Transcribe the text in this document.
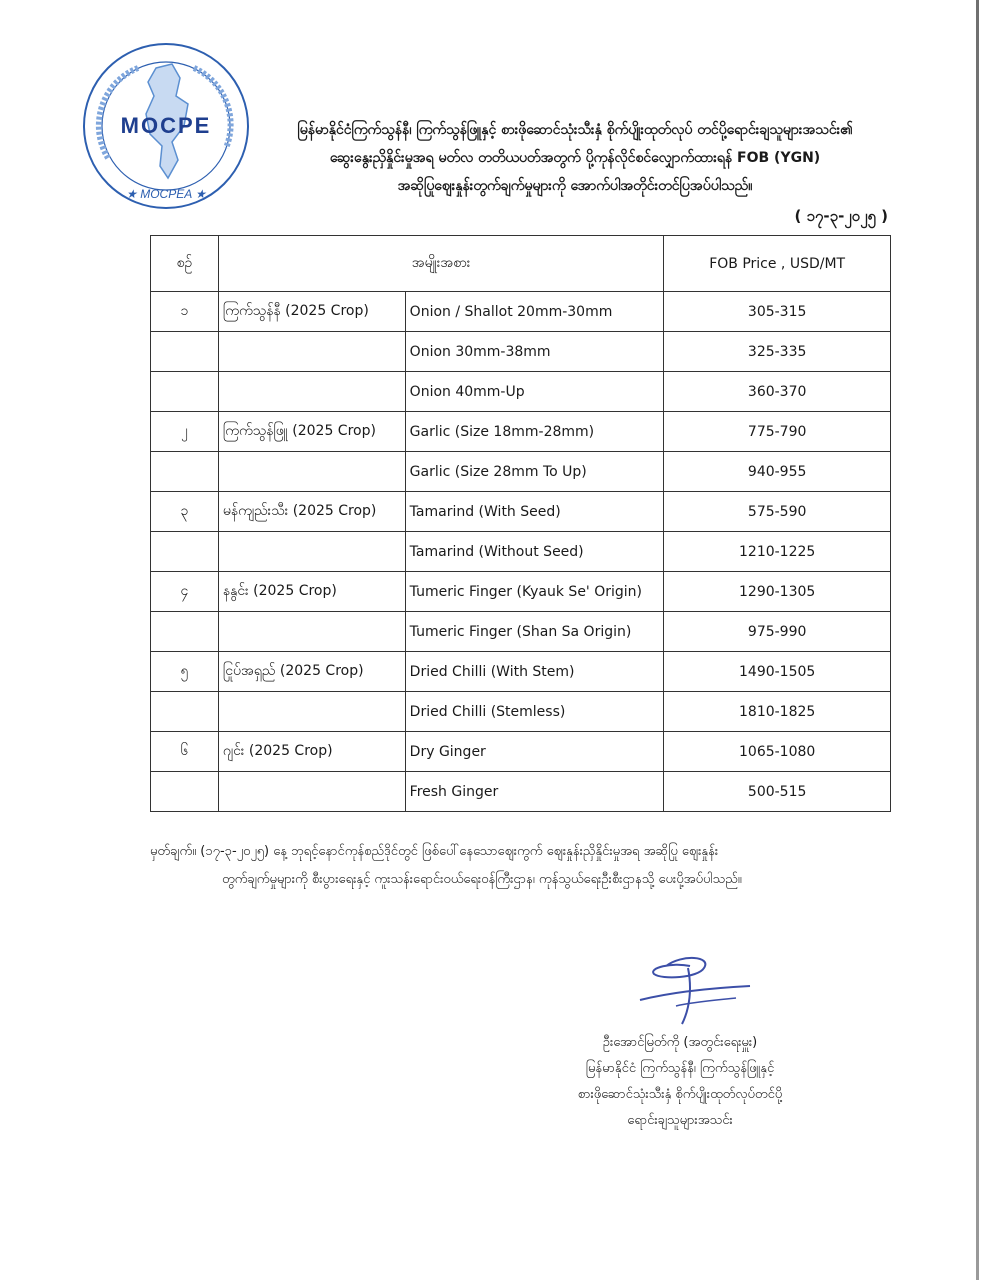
MOCPE
★ MOCPEA ★
မြန်မာနိုင်ငံကြက်သွန်နီ၊ ကြက်သွန်ဖြူနှင့် စားဖိုဆောင်သုံးသီးနှံ စိုက်ပျိုးထုတ်လုပ် တင်ပို့ရောင်းချသူများအသင်း၏
ဆွေးနွေးညှိနှိုင်းမှုအရ မတ်လ တတိယပတ်အတွက် ပို့ကုန်လိုင်စင်လျှောက်ထားရန် FOB (YGN)
အဆိုပြုဈေးနှုန်းတွက်ချက်မှုများကို အောက်ပါအတိုင်းတင်ပြအပ်ပါသည်။
( ၁၇-၃-၂၀၂၅ )
စဉ်	အမျိုးအစား		FOB Price , USD/MT
၁	ကြက်သွန်နီ (2025 Crop)	Onion / Shallot 20mm-30mm	305-315
		Onion 30mm-38mm	325-335
		Onion 40mm-Up	360-370
၂	ကြက်သွန်ဖြူ (2025 Crop)	Garlic (Size 18mm-28mm)	775-790
		Garlic (Size 28mm To Up)	940-955
၃	မန်ကျည်းသီး (2025 Crop)	Tamarind (With Seed)	575-590
		Tamarind (Without Seed)	1210-1225
၄	နနွင်း (2025 Crop)	Tumeric Finger (Kyauk Se' Origin)	1290-1305
		Tumeric Finger (Shan Sa Origin)	975-990
၅	ငြုပ်အရှည် (2025 Crop)	Dried Chilli (With Stem)	1490-1505
		Dried Chilli (Stemless)	1810-1825
၆	ဂျင်း (2025 Crop)	Dry Ginger	1065-1080
		Fresh Ginger	500-515
မှတ်ချက်။ (၁၇-၃-၂၀၂၅) နေ့ ဘုရင့်နောင်ကုန်စည်ဒိုင်တွင် ဖြစ်ပေါ်နေသောဈေးကွက် ဈေးနှုန်းညှိနှိုင်းမှုအရ အဆိုပြု ဈေးနှုန်း
တွက်ချက်မှုများကို စီးပွားရေးနှင့် ကူးသန်းရောင်းဝယ်ရေးဝန်ကြီးဌာန၊ ကုန်သွယ်ရေးဦးစီးဌာနသို့ ပေးပို့အပ်ပါသည်။
ဦးအောင်မြတ်ကို (အတွင်းရေးမှူး)
မြန်မာနိုင်ငံ ကြက်သွန်နီ၊ ကြက်သွန်ဖြူနှင့်
စားဖိုဆောင်သုံးသီးနှံ စိုက်ပျိုးထုတ်လုပ်တင်ပို့
ရောင်းချသူများအသင်း
